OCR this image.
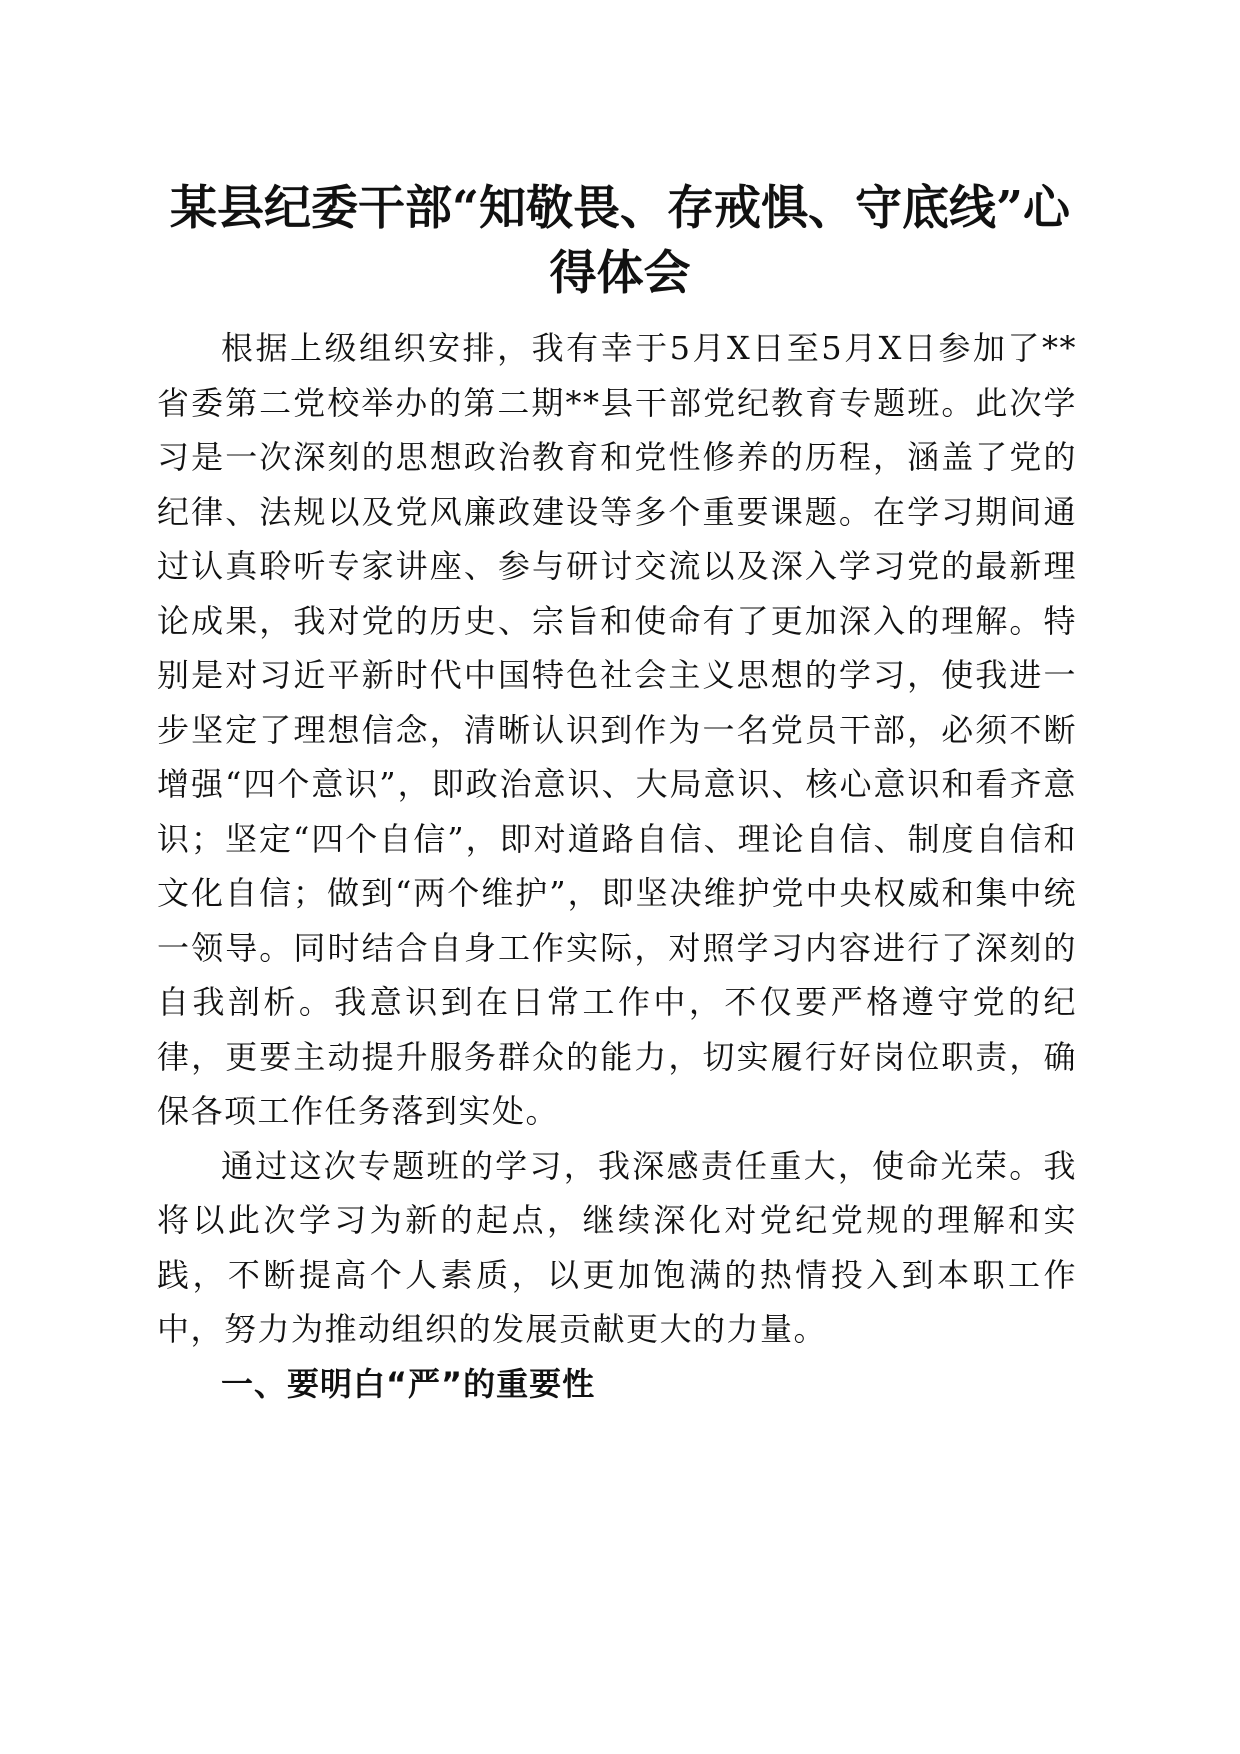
某县纪委干部“知敬畏、存戒惧、守底线”心得体会

根据上级组织安排，我有幸于5月X日至5月X日参加了**省委第二党校举办的第二期**县干部党纪教育专题班。此次学习是一次深刻的思想政治教育和党性修养的历程，涵盖了党的纪律、法规以及党风廉政建设等多个重要课题。在学习期间通过认真聆听专家讲座、参与研讨交流以及深入学习党的最新理论成果，我对党的历史、宗旨和使命有了更加深入的理解。特别是对习近平新时代中国特色社会主义思想的学习，使我进一步坚定了理想信念，清晰认识到作为一名党员干部，必须不断增强“四个意识”，即政治意识、大局意识、核心意识和看齐意识；坚定“四个自信”，即对道路自信、理论自信、制度自信和文化自信；做到“两个维护”，即坚决维护党中央权威和集中统一领导。同时结合自身工作实际，对照学习内容进行了深刻的自我剖析。我意识到在日常工作中，不仅要严格遵守党的纪律，更要主动提升服务群众的能力，切实履行好岗位职责，确保各项工作任务落到实处。

通过这次专题班的学习，我深感责任重大，使命光荣。我将以此次学习为新的起点，继续深化对党纪党规的理解和实践，不断提高个人素质，以更加饱满的热情投入到本职工作中，努力为推动组织的发展贡献更大的力量。

一、要明白“严”的重要性
